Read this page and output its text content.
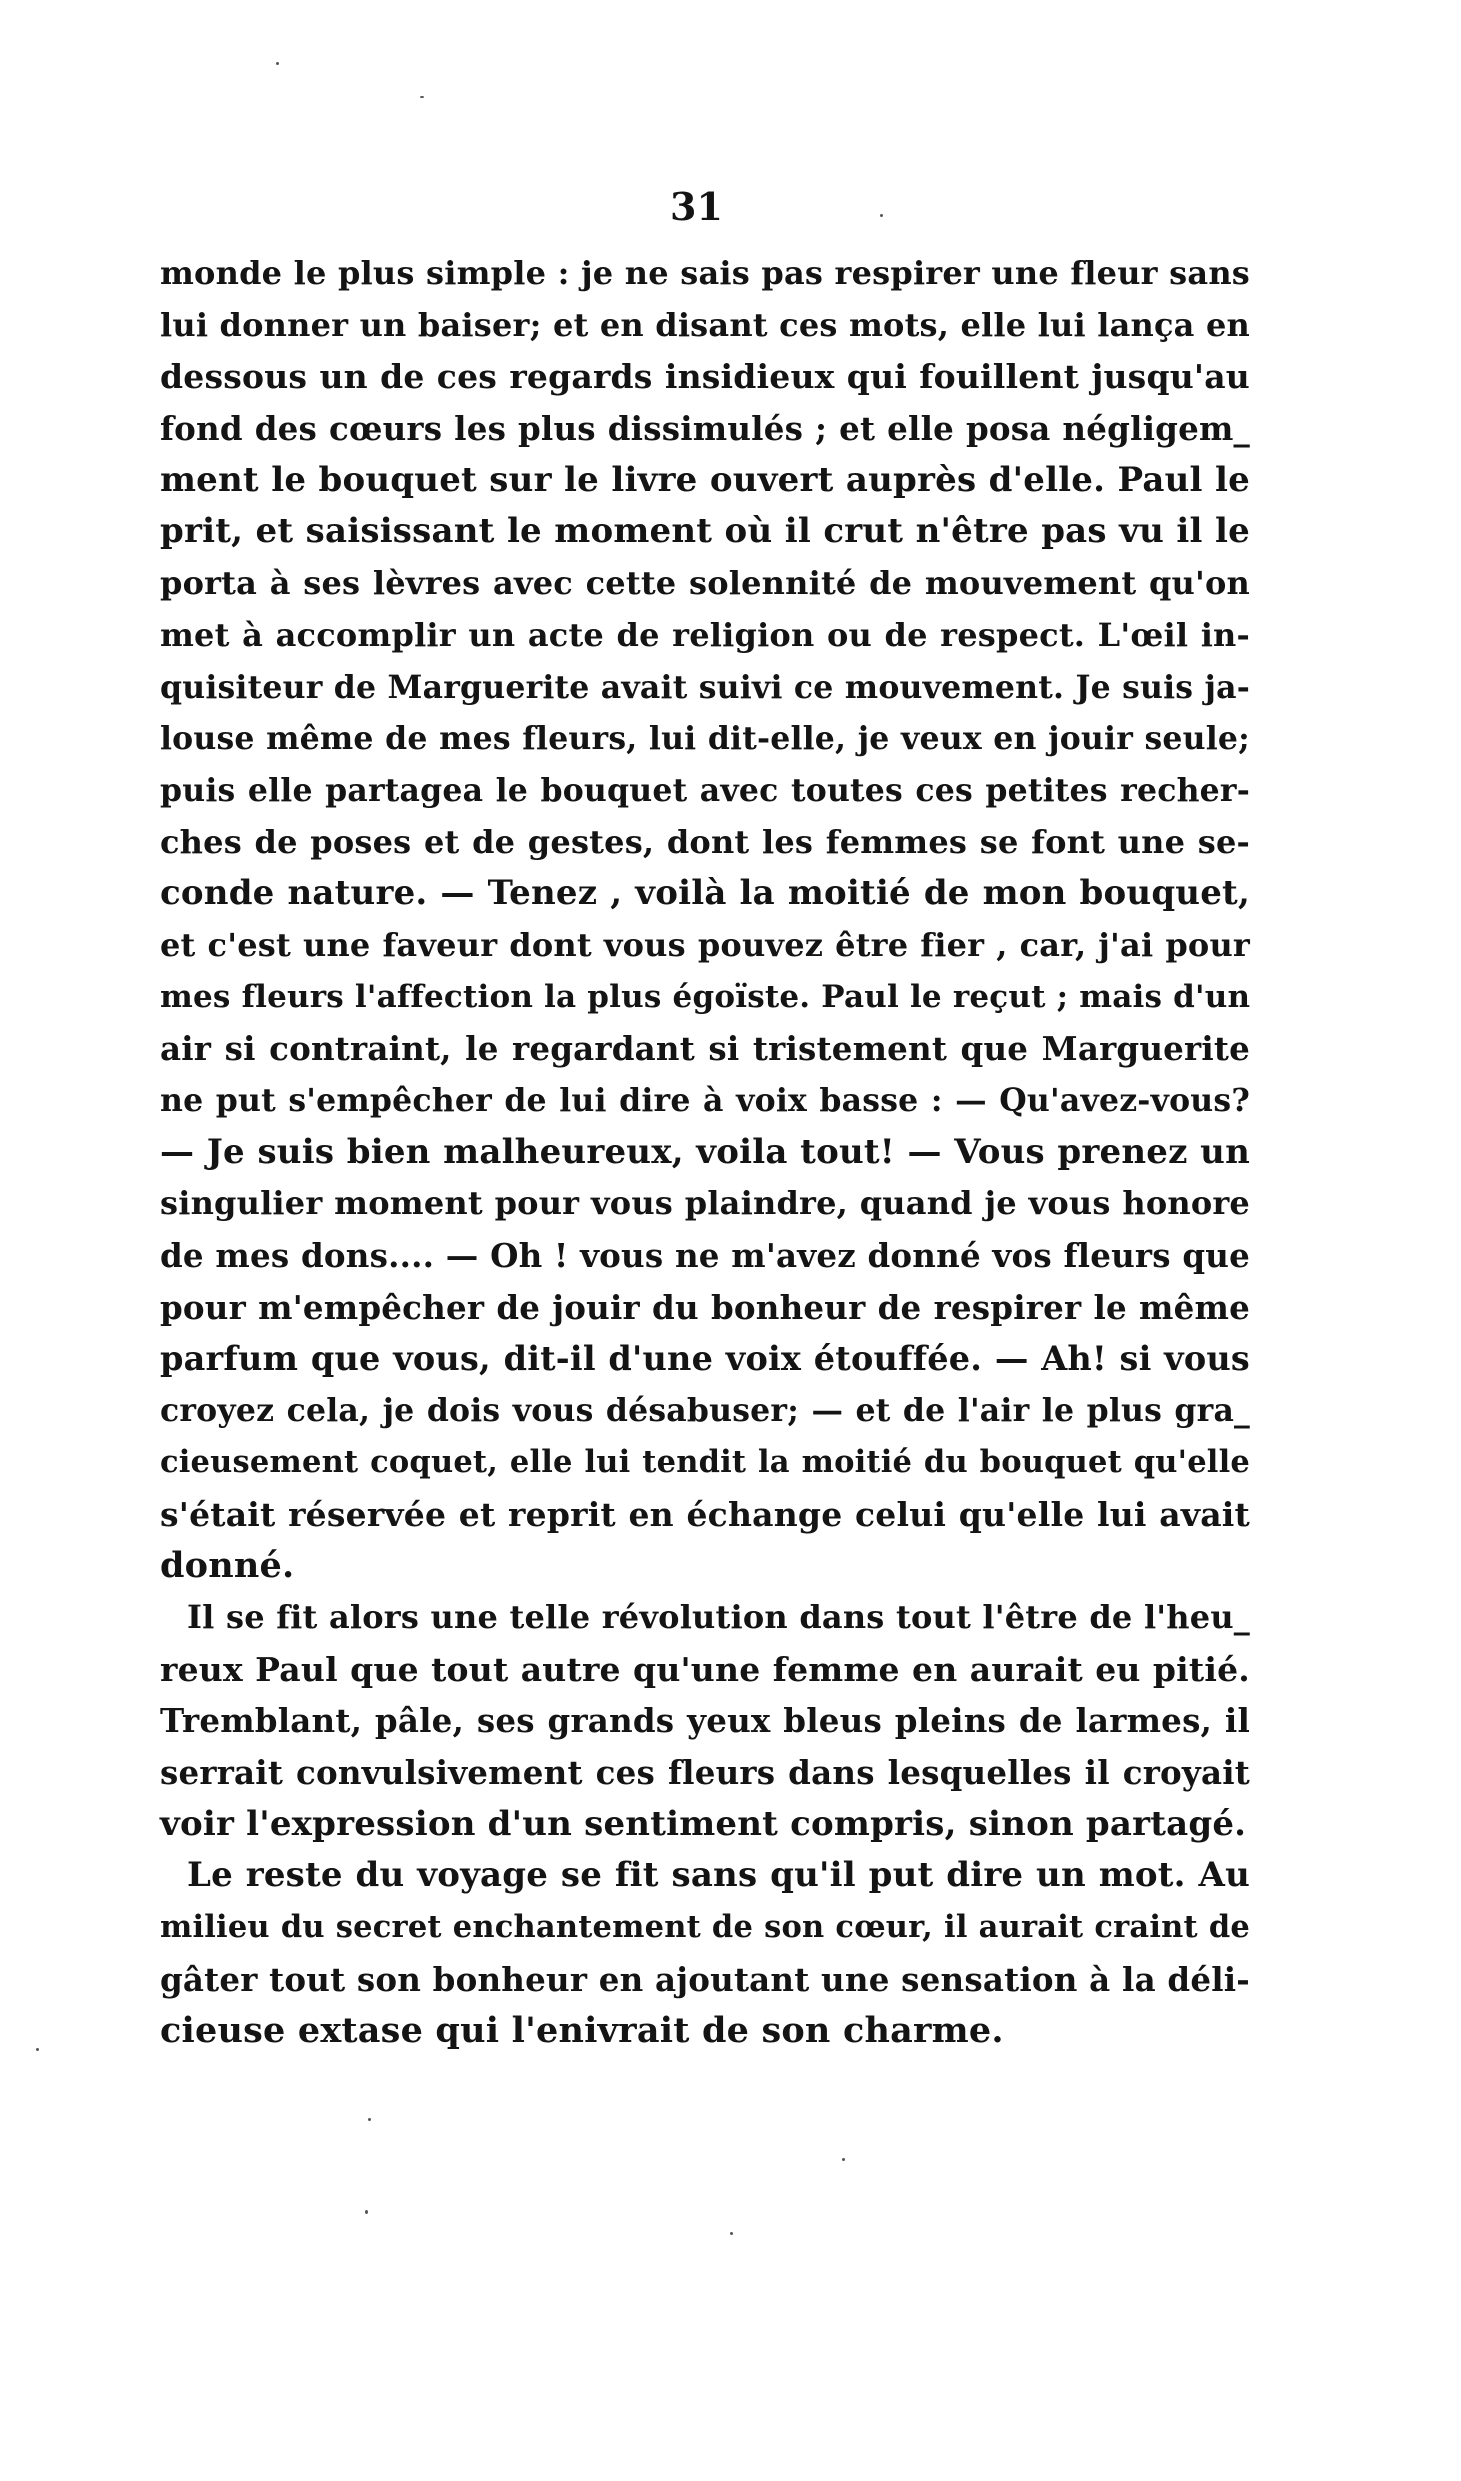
31
monde le plus simple : je ne sais pas respirer une fleur sans
lui donner un baiser; et en disant ces mots, elle lui lança en
dessous un de ces regards insidieux qui fouillent jusqu'au
fond des cœurs les plus dissimulés ; et elle posa négligem_
ment le bouquet sur le livre ouvert auprès d'elle. Paul le
prit, et saisissant le moment où il crut n'être pas vu il le
porta à ses lèvres avec cette solennité de mouvement qu'on
met à accomplir un acte de religion ou de respect. L'œil in-
quisiteur de Marguerite avait suivi ce mouvement. Je suis ja-
louse même de mes fleurs, lui dit-elle, je veux en jouir seule;
puis elle partagea le bouquet avec toutes ces petites recher-
ches de poses et de gestes, dont les femmes se font une se-
conde nature. — Tenez , voilà la moitié de mon bouquet,
et c'est une faveur dont vous pouvez être fier , car, j'ai pour
mes fleurs l'affection la plus égoïste. Paul le reçut ; mais d'un
air si contraint, le regardant si tristement que Marguerite
ne put s'empêcher de lui dire à voix basse : — Qu'avez-vous?
— Je suis bien malheureux, voila tout! — Vous prenez un
singulier moment pour vous plaindre, quand je vous honore
de mes dons.... — Oh ! vous ne m'avez donné vos fleurs que
pour m'empêcher de jouir du bonheur de respirer le même
parfum que vous, dit-il d'une voix étouffée. — Ah! si vous
croyez cela, je dois vous désabuser; — et de l'air le plus gra_
cieusement coquet, elle lui tendit la moitié du bouquet qu'elle
s'était réservée et reprit en échange celui qu'elle lui avait
donné.
Il se fit alors une telle révolution dans tout l'être de l'heu_
reux Paul que tout autre qu'une femme en aurait eu pitié.
Tremblant, pâle, ses grands yeux bleus pleins de larmes, il
serrait convulsivement ces fleurs dans lesquelles il croyait
voir l'expression d'un sentiment compris, sinon partagé.
Le reste du voyage se fit sans qu'il put dire un mot. Au
milieu du secret enchantement de son cœur, il aurait craint de
gâter tout son bonheur en ajoutant une sensation à la déli-
cieuse extase qui l'enivrait de son charme.
